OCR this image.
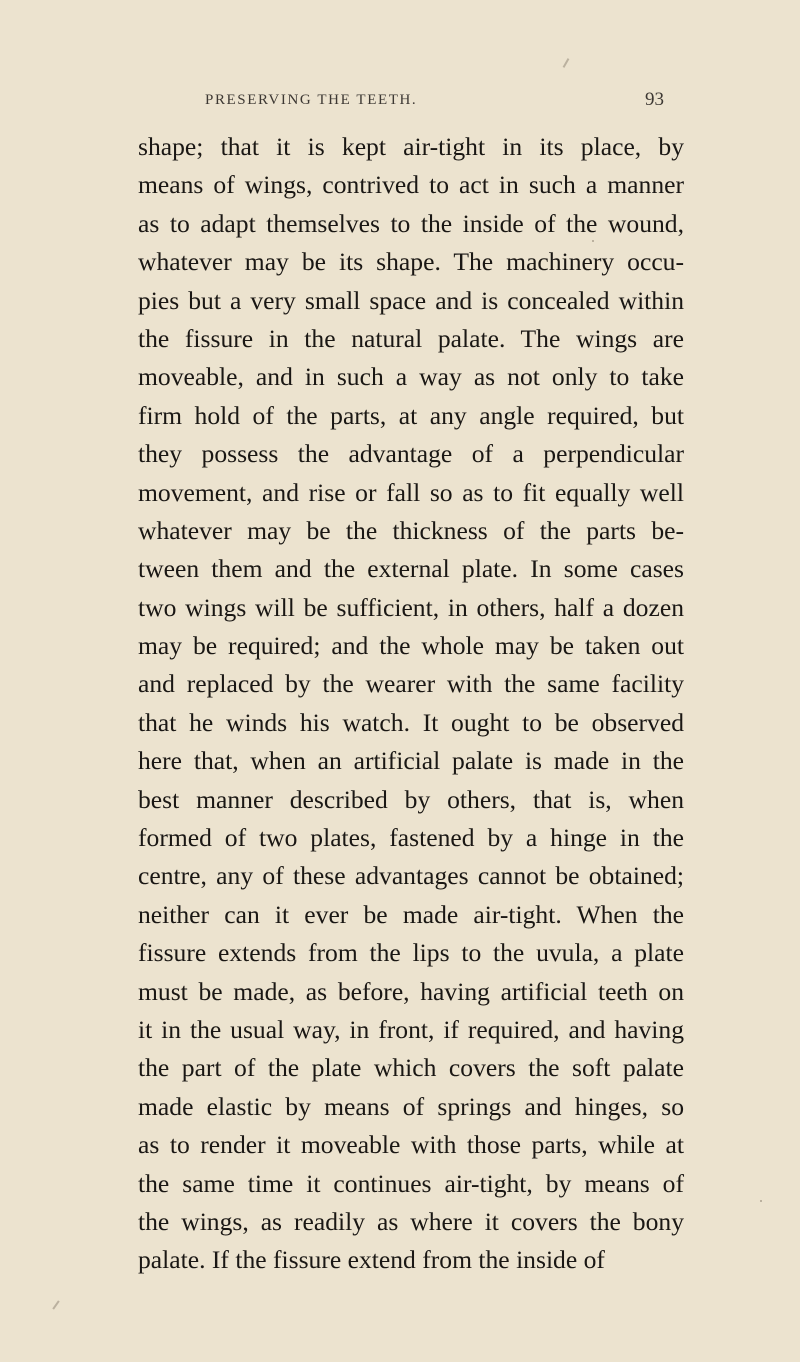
PRESERVING THE TEETH.	93
shape; that it is kept air-tight in its place, by
means of wings, contrived to act in such a manner
as to adapt themselves to the inside of the wound,
whatever may be its shape. The machinery occu-
pies but a very small space and is concealed within
the fissure in the natural palate. The wings are
moveable, and in such a way as not only to take
firm hold of the parts, at any angle required, but
they possess the advantage of a perpendicular
movement, and rise or fall so as to fit equally well
whatever may be the thickness of the parts be-
tween them and the external plate. In some cases
two wings will be sufficient, in others, half a dozen
may be required; and the whole may be taken out
and replaced by the wearer with the same facility
that he winds his watch. It ought to be observed
here that, when an artificial palate is made in the
best manner described by others, that is, when
formed of two plates, fastened by a hinge in the
centre, any of these advantages cannot be obtained;
neither can it ever be made air-tight. When the
fissure extends from the lips to the uvula, a plate
must be made, as before, having artificial teeth on
it in the usual way, in front, if required, and having
the part of the plate which covers the soft palate
made elastic by means of springs and hinges, so
as to render it moveable with those parts, while at
the same time it continues air-tight, by means of
the wings, as readily as where it covers the bony
palate. If the fissure extend from the inside of
